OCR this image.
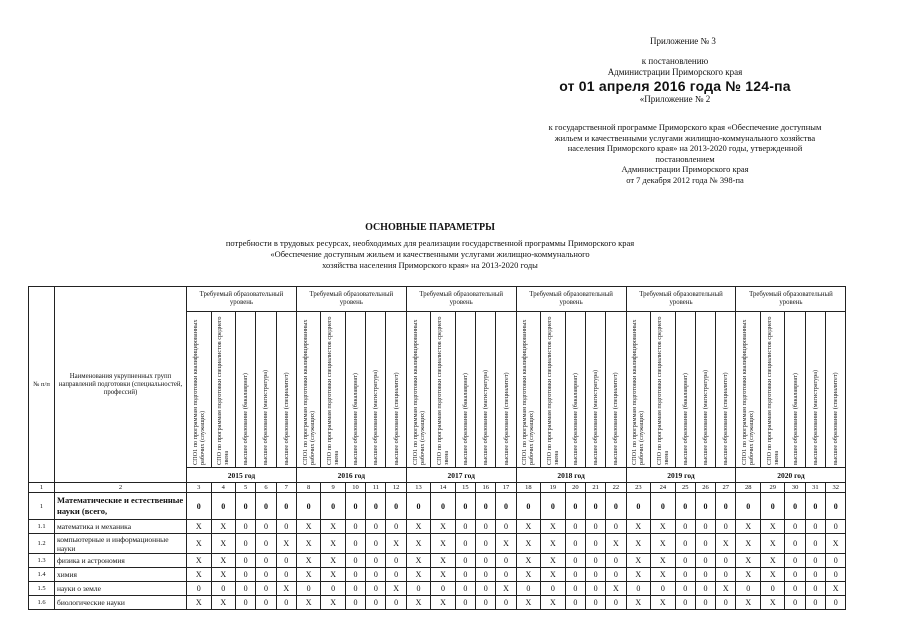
Приложение № 3
к постановлению
Администрации Приморского края
от 01 апреля 2016 года № 124-па
«Приложение № 2
к государственной программе Приморского края «Обеспечение доступным
жильем и качественными услугами жилищно-коммунального хозяйства
населения Приморского края» на 2013-2020 годы, утвержденной
постановлением
Администрации Приморского края
от 7 декабря 2012 года № 398-па
ОСНОВНЫЕ ПАРАМЕТРЫ
потребности в трудовых ресурсах, необходимых для реализации государственной программы Приморского края
«Обеспечение доступным жильем и качественными услугами жилищно-коммунального
хозяйства населения Приморского края» на 2013-2020 годы
№ п/п	Наименования укрупненных групп направлений подготовки (специальностей, профессий)	Требуемый образовательный уровень					Требуемый образовательный уровень					Требуемый образовательный уровень					Требуемый образовательный уровень					Требуемый образовательный уровень					Требуемый образовательный уровень				

		СПО1 по программам подготовки квалифицированных рабочих (служащих)	СПО по программам подготовки специалистов среднего звена	высшее образование (бакалавриат)	высшее образование (магистратура)	высшее образование (специалитет)	СПО1 по программам подготовки квалифицированных рабочих (служащих)	СПО по программам подготовки специалистов среднего звена	высшее образование (бакалавриат)	высшее образование (магистратура)	высшее образование (специалитет)	СПО1 по программам подготовки квалифицированных рабочих (служащих)	СПО по программам подготовки специалистов среднего звена	высшее образование (бакалавриат)	высшее образование (магистратура)	высшее образование (специалитет)	СПО1 по программам подготовки квалифицированных рабочих (служащих)	СПО по программам подготовки специалистов среднего звена	высшее образование (бакалавриат)	высшее образование (магистратура)	высшее образование (специалитет)	СПО1 по программам подготовки квалифицированных рабочих (служащих)	СПО по программам подготовки специалистов среднего звена	высшее образование (бакалавриат)	высшее образование (магистратура)	высшее образование (специалитет)	СПО1 по программам подготовки квалифицированных рабочих (служащих)	СПО по программам подготовки специалистов среднего звена	высшее образование (бакалавриат)	высшее образование (магистратура)	высшее образование (специалитет)

		2015 год					2016 год					2017 год					2018 год					2019 год					2020 год				
1	2	3	4	5	6	7	8	9	10	11	12	13	14	15	16	17	18	19	20	21	22	23	24	25	26	27	28	29	30	31	32
1	Математические и естественные науки (всего,	0	0	0	0	0	0	0	0	0	0	0	0	0	0	0	0	0	0	0	0	0	0	0	0	0	0	0	0	0	0
1.1	математика и механика	X	X	0	0	0	X	X	0	0	0	X	X	0	0	0	X	X	0	0	0	X	X	0	0	0	X	X	0	0	0
1.2	компьютерные и информационные науки	X	X	0	0	X	X	X	0	0	X	X	X	0	0	X	X	X	0	0	X	X	X	0	0	X	X	X	0	0	X
1.3	физика и астрономия	X	X	0	0	0	X	X	0	0	0	X	X	0	0	0	X	X	0	0	0	X	X	0	0	0	X	X	0	0	0
1.4	химия	X	X	0	0	0	X	X	0	0	0	X	X	0	0	0	X	X	0	0	0	X	X	0	0	0	X	X	0	0	0
1.5	науки о земле	0	0	0	0	X	0	0	0	0	X	0	0	0	0	X	0	0	0	0	X	0	0	0	0	X	0	0	0	0	X
1.6	биологические науки	X	X	0	0	0	X	X	0	0	0	X	X	0	0	0	X	X	0	0	0	X	X	0	0	0	X	X	0	0	0
